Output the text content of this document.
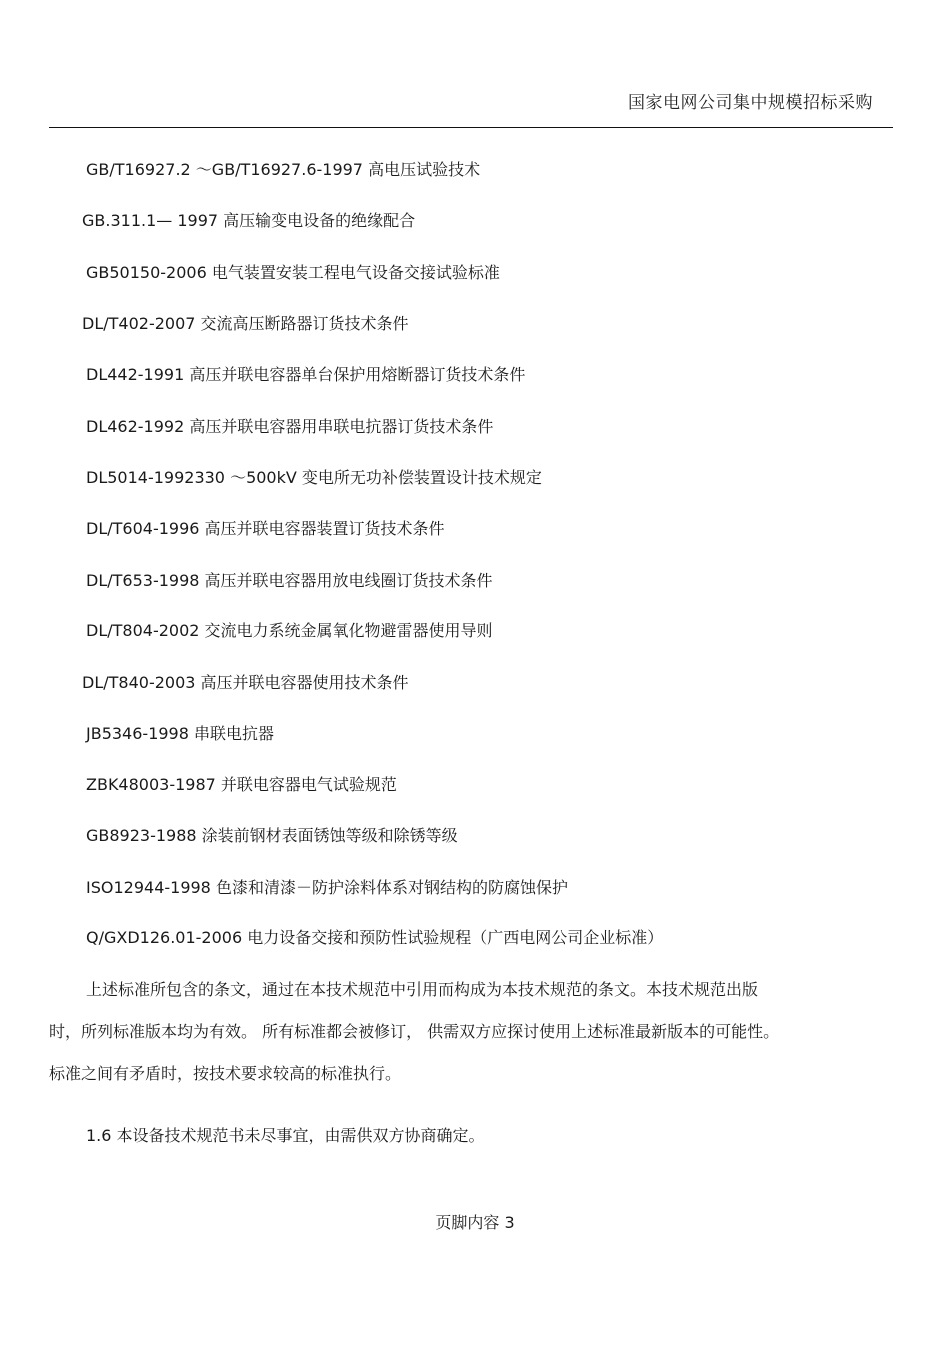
国家电网公司集中规模招标采购
GB/T16927.2 ～GB/T16927.6-1997 高电压试验技术
GB.311.1— 1997 高压输变电设备的绝缘配合
GB50150-2006 电气装置安装工程电气设备交接试验标准
DL/T402-2007 交流高压断路器订货技术条件
DL442-1991 高压并联电容器单台保护用熔断器订货技术条件
DL462-1992 高压并联电容器用串联电抗器订货技术条件
DL5014-1992330 ～500kV 变电所无功补偿装置设计技术规定
DL/T604-1996 高压并联电容器装置订货技术条件
DL/T653-1998 高压并联电容器用放电线圈订货技术条件
DL/T804-2002 交流电力系统金属氧化物避雷器使用导则
DL/T840-2003 高压并联电容器使用技术条件
JB5346-1998 串联电抗器
ZBK48003-1987 并联电容器电气试验规范
GB8923-1988 涂装前钢材表面锈蚀等级和除锈等级
ISO12944-1998 色漆和清漆－防护涂料体系对钢结构的防腐蚀保护
Q/GXD126.01-2006 电力设备交接和预防性试验规程（广西电网公司企业标准）
上述标准所包含的条文，通过在本技术规范中引用而构成为本技术规范的条文。本技术规范出版
时，所列标准版本均为有效。 所有标准都会被修订， 供需双方应探讨使用上述标准最新版本的可能性。
标准之间有矛盾时，按技术要求较高的标准执行。
1.6 本设备技术规范书未尽事宜，由需供双方协商确定。
页脚内容 3
